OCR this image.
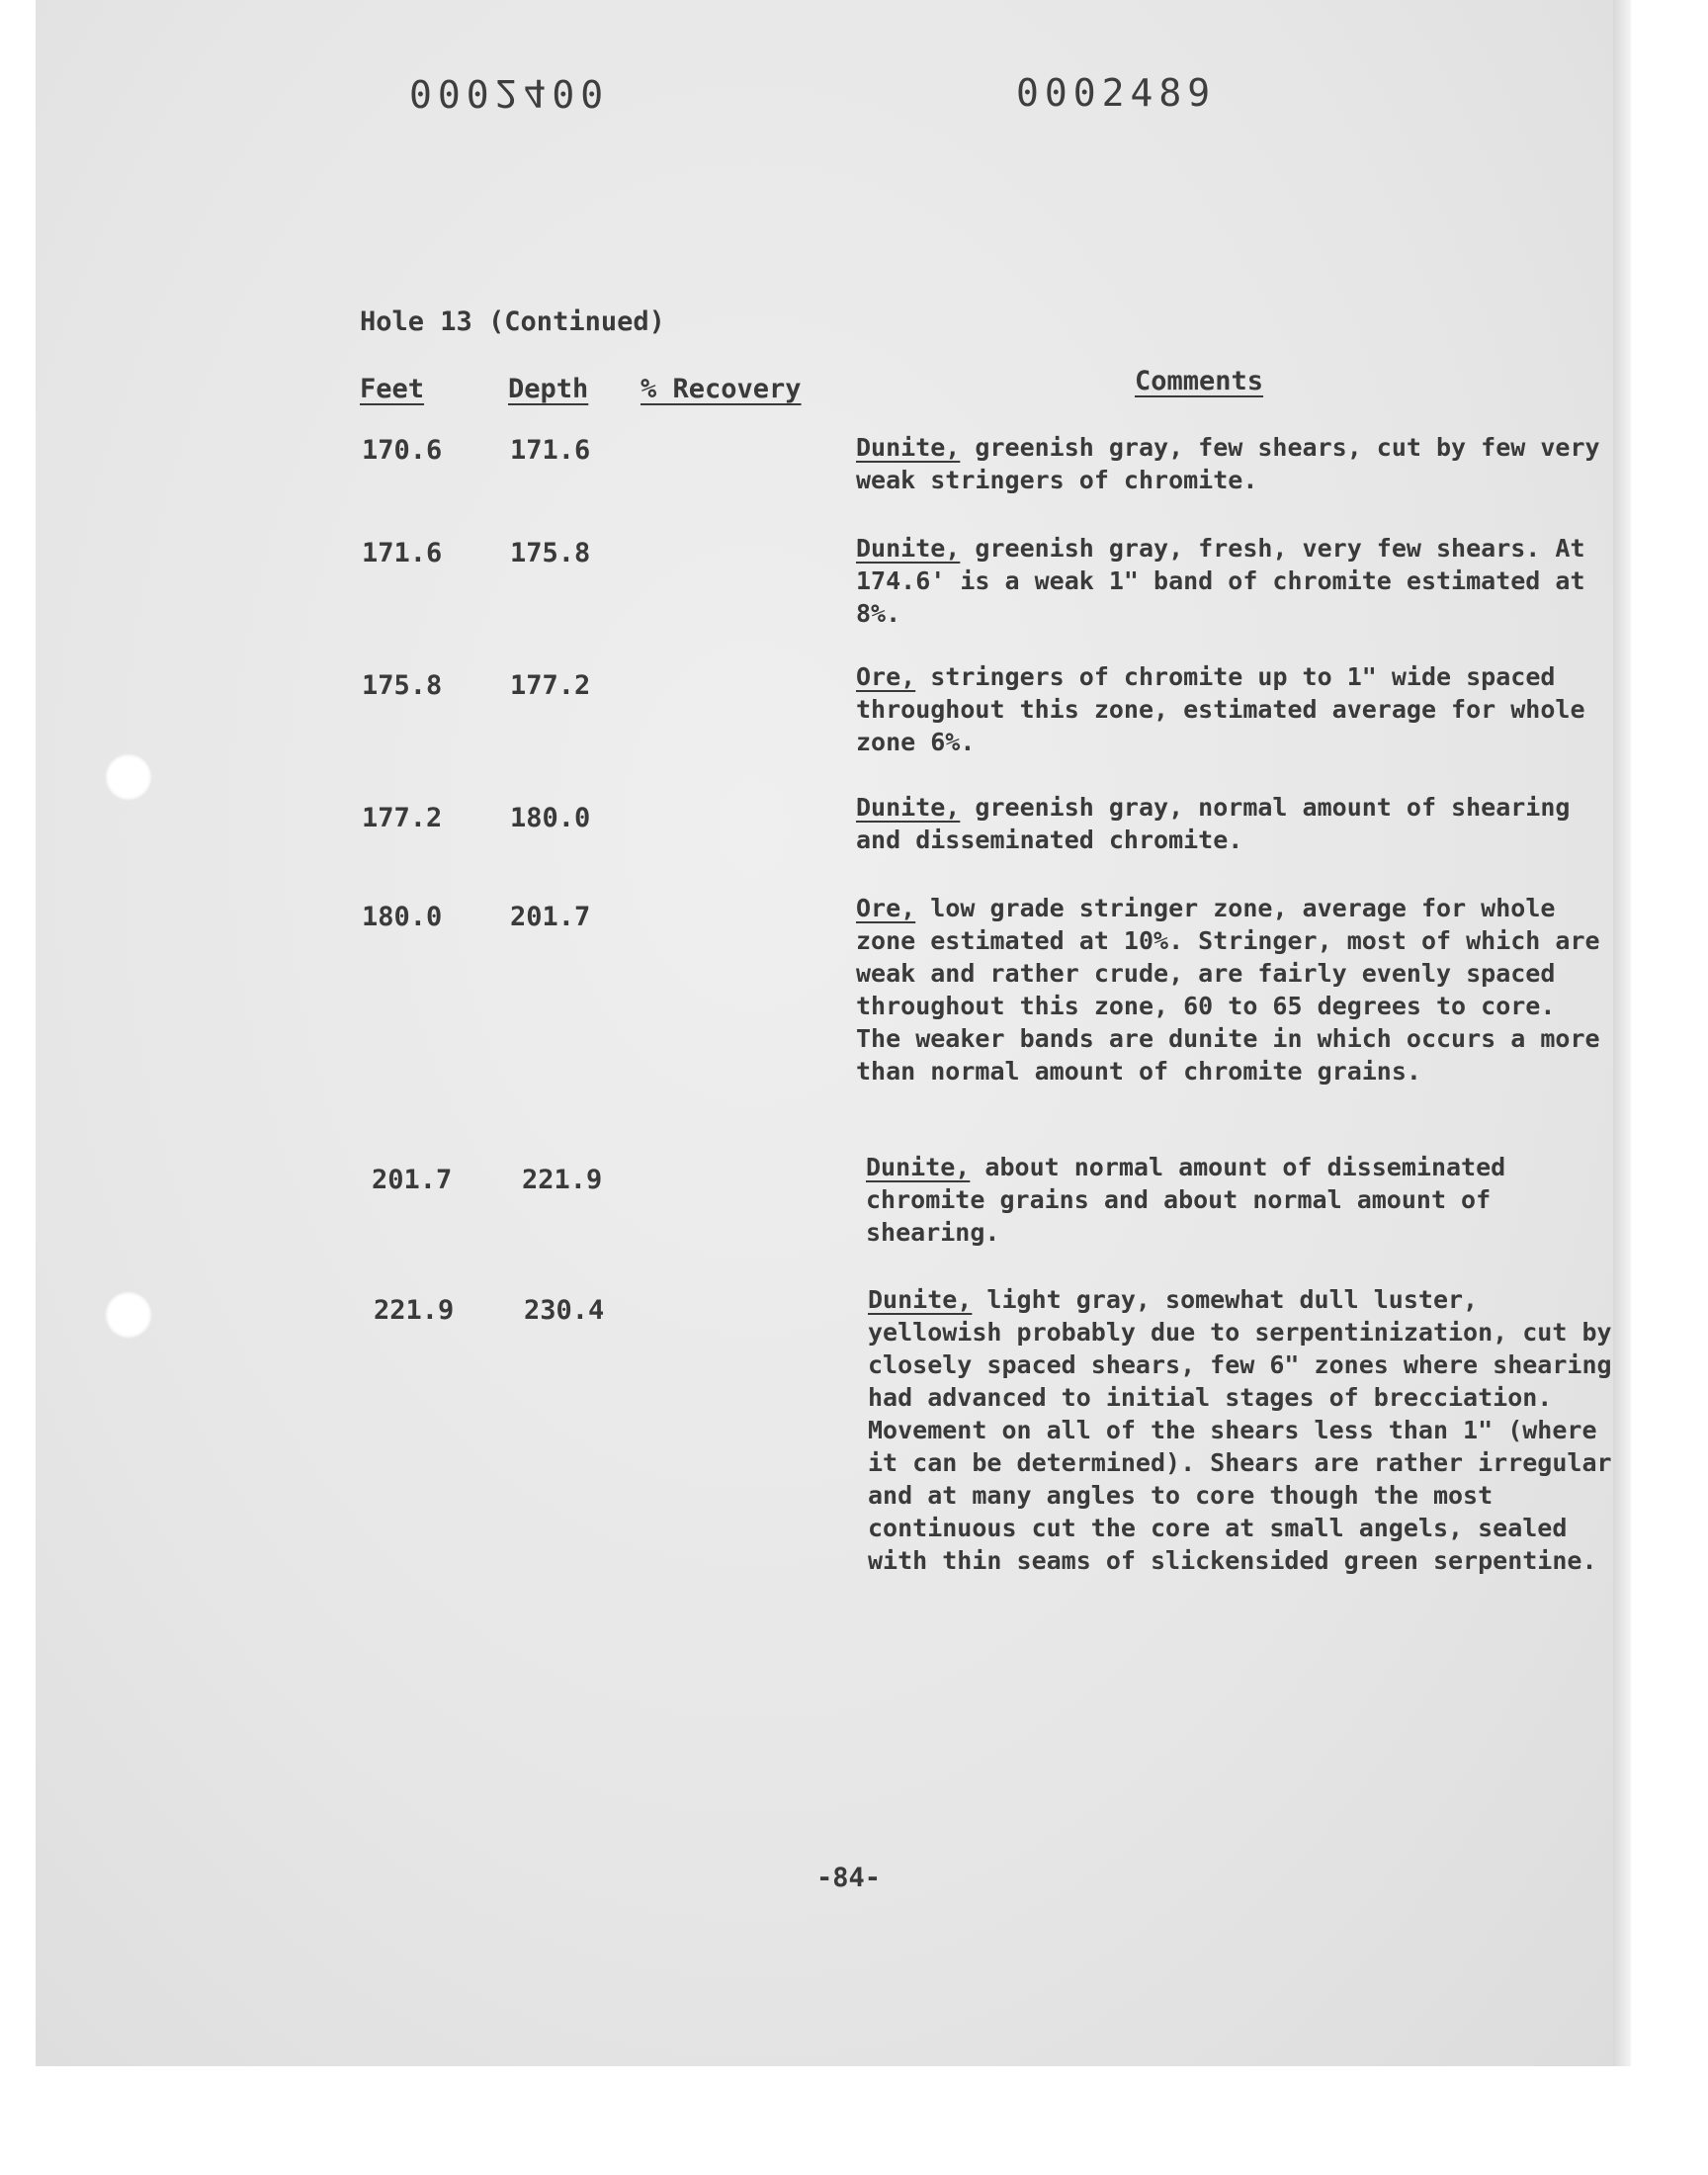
0002400	0002489
Hole 13 (Continued)
Feet	Depth % Recovery	Comments
170.6	171.6	Dunite, greenish gray, few shears, cut by few very weak stringers of chromite.
171.6	175.8	Dunite, greenish gray, fresh, very few shears. At 174.6' is a weak 1" band of chromite estimated at 8%.
175.8	177.2	Ore, stringers of chromite up to 1" wide spaced throughout this zone, estimated average for whole zone 6%.
177.2	180.0	Dunite, greenish gray, normal amount of shearing and disseminated chromite.
180.0	201.7	Ore, low grade stringer zone, average for whole zone estimated at 10%. Stringer, most of which are weak and rather crude, are fairly evenly spaced throughout this zone, 60 to 65 degrees to core. The weaker bands are dunite in which occurs a more than normal amount of chromite grains.
201.7	221.9	Dunite, about normal amount of disseminated chromite grains and about normal amount of shearing.
221.9	230.4	Dunite, light gray, somewhat dull luster, yellowish probably due to serpentinization, cut by closely spaced shears, few 6" zones where shearing had advanced to initial stages of brecciation. Movement on all of the shears less than 1" (where it can be determined). Shears are rather irregular and at many angles to core though the most continuous cut the core at small angels, sealed with thin seams of slickensided green serpentine.
-84-
